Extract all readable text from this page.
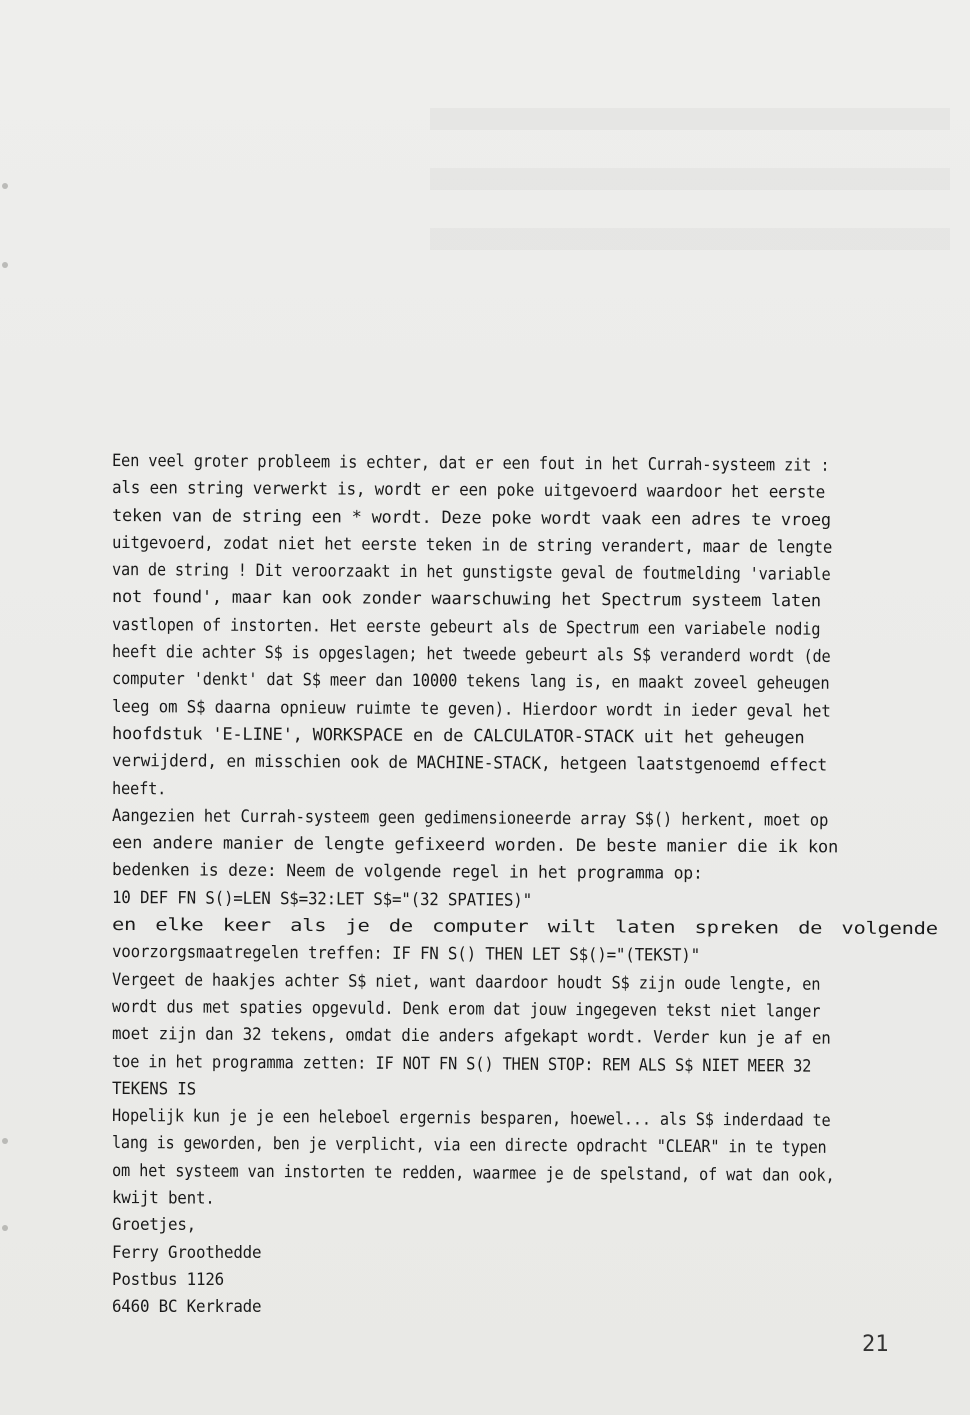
Een veel groter probleem is echter, dat er een fout in het Currah-systeem zit :
als een string verwerkt is, wordt er een poke uitgevoerd waardoor het eerste
teken van de string een * wordt. Deze poke wordt vaak een adres te vroeg
uitgevoerd, zodat niet het eerste teken in de string verandert, maar de lengte
van de string ! Dit veroorzaakt in het gunstigste geval de foutmelding 'variable
not found', maar kan ook zonder waarschuwing het Spectrum systeem laten
vastlopen of instorten. Het eerste gebeurt als de Spectrum een variabele nodig
heeft die achter S$ is opgeslagen; het tweede gebeurt als S$ veranderd wordt (de
computer 'denkt' dat S$ meer dan 10000 tekens lang is, en maakt zoveel geheugen
leeg om S$ daarna opnieuw ruimte te geven). Hierdoor wordt in ieder geval het
hoofdstuk 'E-LINE', WORKSPACE en de CALCULATOR-STACK uit het geheugen
verwijderd, en misschien ook de MACHINE-STACK, hetgeen laatstgenoemd effect
heeft.
Aangezien het Currah-systeem geen gedimensioneerde array S$() herkent, moet op
een andere manier de lengte gefixeerd worden. De beste manier die ik kon
bedenken is deze: Neem de volgende regel in het programma op:
10 DEF FN S()=LEN S$=32:LET S$="(32 SPATIES)"
en elke keer als je de computer wilt laten spreken de volgende
voorzorgsmaatregelen treffen: IF FN S() THEN LET S$()="(TEKST)"
Vergeet de haakjes achter S$ niet, want daardoor houdt S$ zijn oude lengte, en
wordt dus met spaties opgevuld. Denk erom dat jouw ingegeven tekst niet langer
moet zijn dan 32 tekens, omdat die anders afgekapt wordt. Verder kun je af en
toe in het programma zetten: IF NOT FN S() THEN STOP: REM ALS S$ NIET MEER 32
TEKENS IS
Hopelijk kun je je een heleboel ergernis besparen, hoewel... als S$ inderdaad te
lang is geworden, ben je verplicht, via een directe opdracht "CLEAR" in te typen
om het systeem van instorten te redden, waarmee je de spelstand, of wat dan ook,
kwijt bent.
Groetjes,
Ferry Groothedde
Postbus 1126
6460 BC Kerkrade
21
